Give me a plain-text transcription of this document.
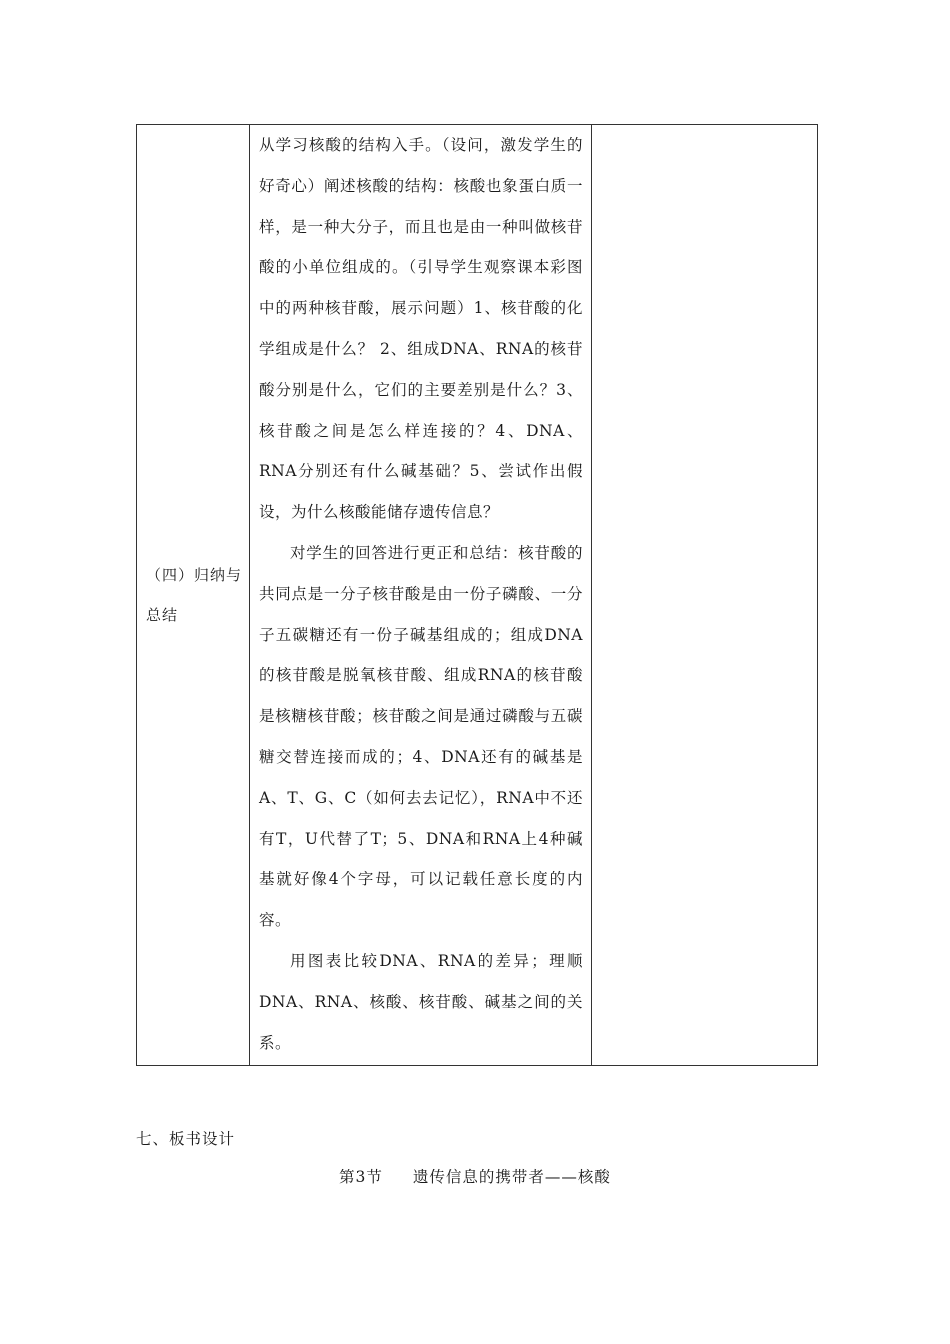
（四）归纳与总结

从学习核酸的结构入手。（设问，激发学生的好奇心）阐述核酸的结构：核酸也象蛋白质一样，是一种大分子，而且也是由一种叫做核苷酸的小单位组成的。（引导学生观察课本彩图中的两种核苷酸，展示问题）1、核苷酸的化学组成是什么？ 2、组成DNA、RNA的核苷酸分别是什么，它们的主要差别是什么？3、核苷酸之间是怎么样连接的？4、DNA、RNA分别还有什么碱基础？5、尝试作出假设，为什么核酸能储存遗传信息？

对学生的回答进行更正和总结：核苷酸的共同点是一分子核苷酸是由一份子磷酸、一分子五碳糖还有一份子碱基组成的；组成DNA的核苷酸是脱氧核苷酸、组成RNA的核苷酸是核糖核苷酸；核苷酸之间是通过磷酸与五碳糖交替连接而成的；4、DNA还有的碱基是A、T、G、C（如何去去记忆），RNA中不还有T，U代替了T；5、DNA和RNA上4种碱基就好像4个字母，可以记载任意长度的内容。

用图表比较DNA、RNA的差异；理顺DNA、RNA、核酸、核苷酸、碱基之间的关系。

七、板书设计
第3节 遗传信息的携带者——核酸
